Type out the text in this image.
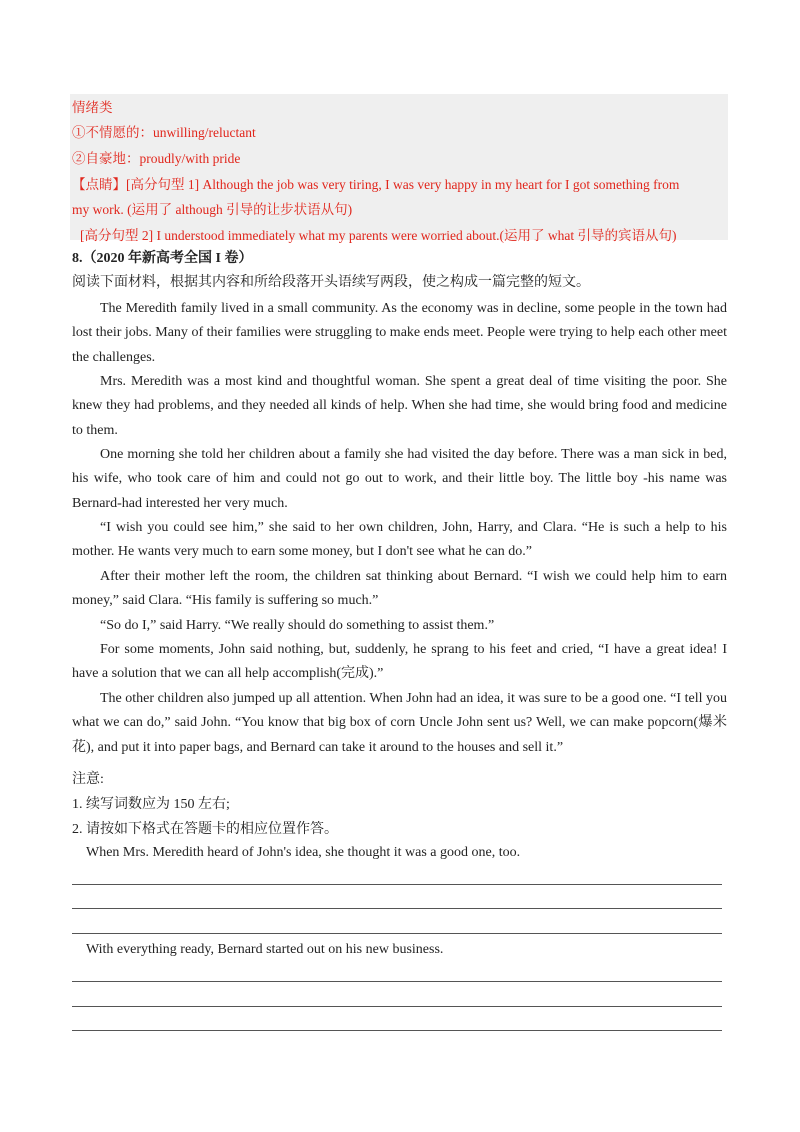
情绪类
①不情愿的：unwilling/reluctant
②自豪地：proudly/with pride
【点睛】[高分句型 1] Although the job was very tiring, I was very happy in my heart for I got something from
my work. (运用了 although 引导的让步状语从句)
[高分句型 2] I understood immediately what my parents were worried about.(运用了 what 引导的宾语从句)
8.（2020 年新高考全国 I 卷）
阅读下面材料，根据其内容和所给段落开头语续写两段，使之构成一篇完整的短文。

The Meredith family lived in a small community. As the economy was in decline, some people in the town had lost their jobs. Many of their families were struggling to make ends meet. People were trying to help each other meet the challenges.

Mrs. Meredith was a most kind and thoughtful woman. She spent a great deal of time visiting the poor. She knew they had problems, and they needed all kinds of help. When she had time, she would bring food and medicine to them.

One morning she told her children about a family she had visited the day before. There was a man sick in bed, his wife, who took care of him and could not go out to work, and their little boy. The little boy -his name was Bernard-had interested her very much.

“I wish you could see him,” she said to her own children, John, Harry, and Clara. “He is such a help to his mother. He wants very much to earn some money, but I don't see what he can do.”

After their mother left the room, the children sat thinking about Bernard. “I wish we could help him to earn money,” said Clara. “His family is suffering so much.”

“So do I,” said Harry. “We really should do something to assist them.”

For some moments, John said nothing, but, suddenly, he sprang to his feet and cried, “I have a great idea! I have a solution that we can all help accomplish(完成).”

The other children also jumped up all attention. When John had an idea, it was sure to be a good one. “I tell you what we can do,” said John. “You know that big box of corn Uncle John sent us? Well, we can make popcorn(爆米花), and put it into paper bags, and Bernard can take it around to the houses and sell it.”

注意:
1. 续写词数应为 150 左右;
2. 请按如下格式在答题卡的相应位置作答。
When Mrs. Meredith heard of John's idea, she thought it was a good one, too.
With everything ready, Bernard started out on his new business.
